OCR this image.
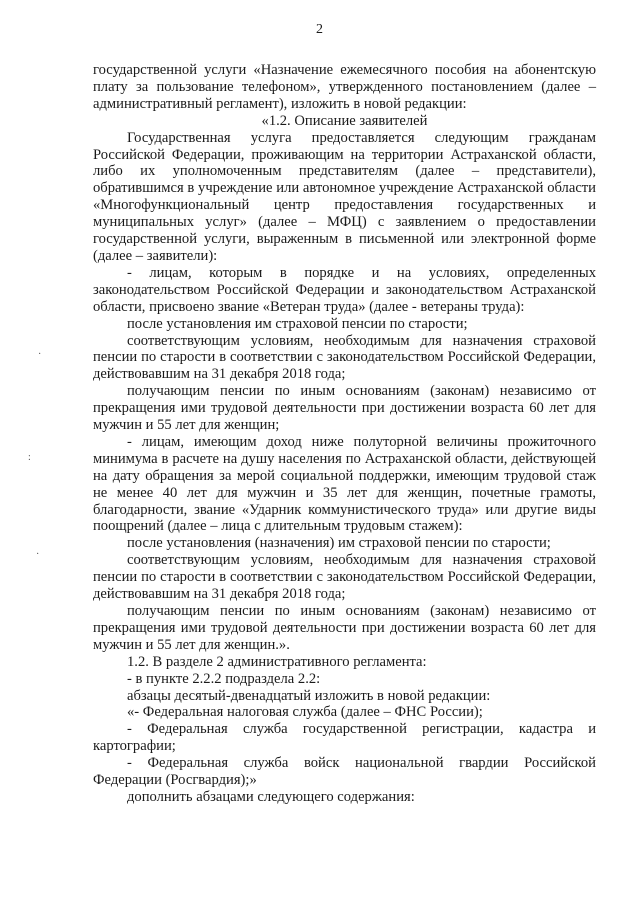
2
·
:
·

государственной услуги «Назначение ежемесячного пособия на абонентскую плату за пользование телефоном», утвержденного постановлением (далее – административный регламент), изложить в новой редакции:

«1.2. Описание заявителей

Государственная услуга предоставляется следующим гражданам Российской Федерации, проживающим на территории Астраханской области, либо их уполномоченным представителям (далее – представители), обратившимся в учреждение или автономное учреждение Астраханской области «Многофункциональный центр предоставления государственных и муниципальных услуг» (далее – МФЦ) с заявлением о предоставлении государственной услуги, выраженным в письменной или электронной форме (далее – заявители):

- лицам, которым в порядке и на условиях, определенных законодательством Российской Федерации и законодательством Астраханской области, присвоено звание «Ветеран труда» (далее - ветераны труда):

после установления им страховой пенсии по старости;

соответствующим условиям, необходимым для назначения страховой пенсии по старости в соответствии с законодательством Российской Федерации, действовавшим на 31 декабря 2018 года;

получающим пенсии по иным основаниям (законам) независимо от прекращения ими трудовой деятельности при достижении возраста 60 лет для мужчин и 55 лет для женщин;

- лицам, имеющим доход ниже полуторной величины прожиточного минимума в расчете на душу населения по Астраханской области, действующей на дату обращения за мерой социальной поддержки, имеющим трудовой стаж не менее 40 лет для мужчин и 35 лет для женщин, почетные грамоты, благодарности, звание «Ударник коммунистического труда» или другие виды поощрений (далее – лица с длительным трудовым стажем):

после установления (назначения) им страховой пенсии по старости;

соответствующим условиям, необходимым для назначения страховой пенсии по старости в соответствии с законодательством Российской Федерации, действовавшим на 31 декабря 2018 года;

получающим пенсии по иным основаниям (законам) независимо от прекращения ими трудовой деятельности при достижении возраста 60 лет для мужчин и 55 лет для женщин.».

1.2. В разделе 2 административного регламента:

- в пункте 2.2.2 подраздела 2.2:

абзацы десятый-двенадцатый изложить в новой редакции:

«- Федеральная налоговая служба (далее – ФНС России);

- Федеральная служба государственной регистрации, кадастра и картографии;

- Федеральная служба войск национальной гвардии Российской Федерации (Росгвардия);»

дополнить абзацами следующего содержания:
